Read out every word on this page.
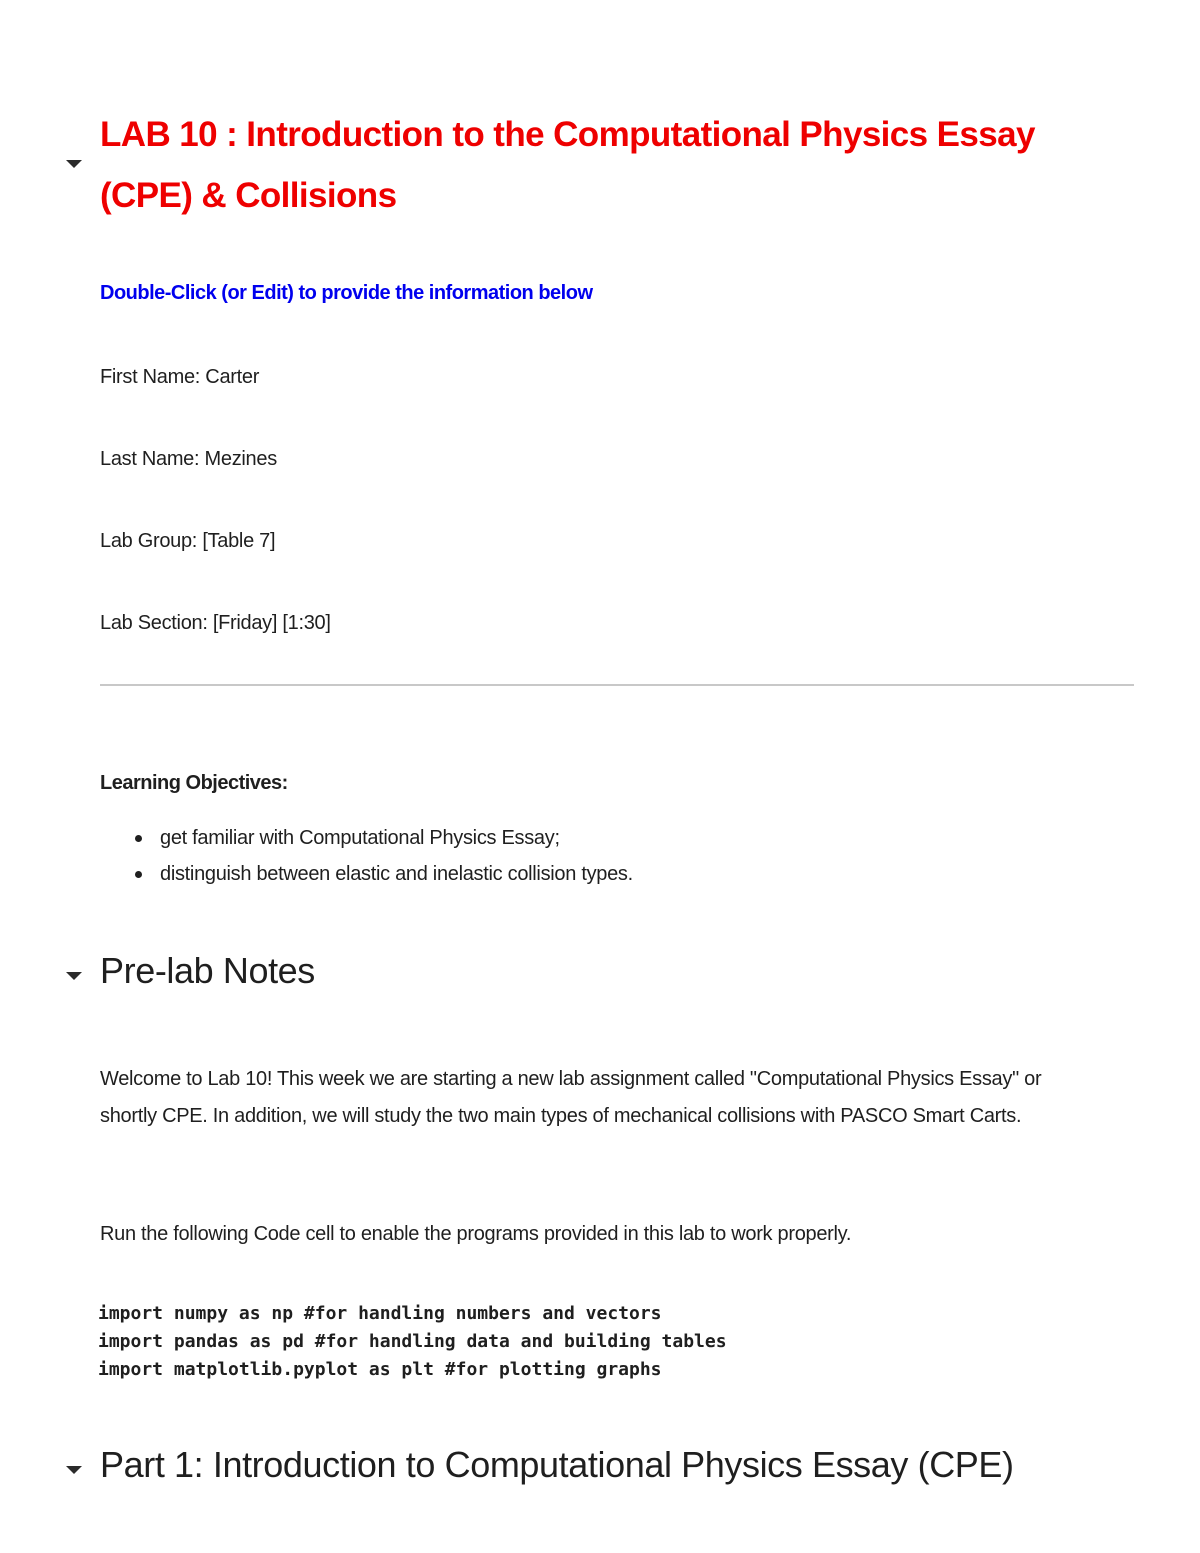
LAB 10 : Introduction to the Computational Physics Essay (CPE) & Collisions

Double-Click (or Edit) to provide the information below

First Name: Carter

Last Name: Mezines

Lab Group: [Table 7]

Lab Section: [Friday] [1:30]

Learning Objectives:

get familiar with Computational Physics Essay;
distinguish between elastic and inelastic collision types.
Pre-lab Notes

Welcome to Lab 10! This week we are starting a new lab assignment called "Computational Physics Essay" or shortly CPE. In addition, we will study the two main types of mechanical collisions with PASCO Smart Carts.

Run the following Code cell to enable the programs provided in this lab to work properly.

import numpy as np #for handling numbers and vectors
import pandas as pd #for handling data and building tables
import matplotlib.pyplot as plt #for plotting graphs
Part 1: Introduction to Computational Physics Essay (CPE)
